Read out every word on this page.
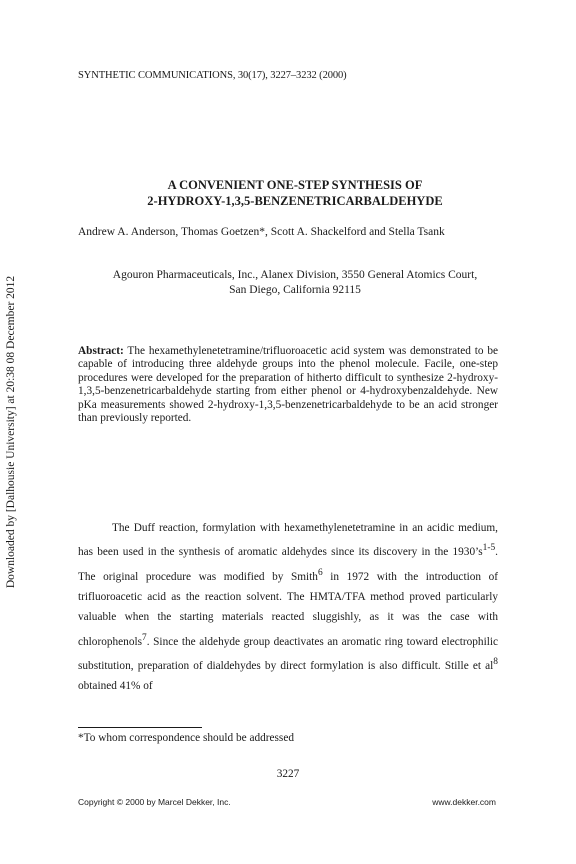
SYNTHETIC COMMUNICATIONS, 30(17), 3227–3232 (2000)
Downloaded by [Dalhousie University] at 20:38 08 December 2012
A CONVENIENT ONE-STEP SYNTHESIS OF
2-HYDROXY-1,3,5-BENZENETRICARBALDEHYDE
Andrew A. Anderson, Thomas Goetzen*, Scott A. Shackelford and Stella Tsank
Agouron Pharmaceuticals, Inc., Alanex Division, 3550 General Atomics Court,
San Diego, California 92115
Abstract: The hexamethylenetetramine/trifluoroacetic acid system was demonstrated to be capable of introducing three aldehyde groups into the phenol molecule. Facile, one-step procedures were developed for the preparation of hitherto difficult to synthesize 2-hydroxy-1,3,5-benzenetricarbaldehyde starting from either phenol or 4-hydroxybenzaldehyde. New pKa measurements showed 2-hydroxy-1,3,5-benzenetricarbaldehyde to be an acid stronger than previously reported.
The Duff reaction, formylation with hexamethylenetetramine in an acidic medium, has been used in the synthesis of aromatic aldehydes since its discovery in the $1930’s^{1-5}$. The original procedure was modified by Smith$^6$ in 1972 with the introduction of trifluoroacetic acid as the reaction solvent. The HMTA/TFA method proved particularly valuable when the starting materials reacted sluggishly, as it was the case with chlorophenols$^7$. Since the aldehyde group deactivates an aromatic ring toward electrophilic substitution, preparation of dialdehydes by direct formylation is also difficult. Stille et $al^8$ obtained 41% of
*To whom correspondence should be addressed
3227
Copyright © 2000 by Marcel Dekker, Inc.	www.dekker.com
